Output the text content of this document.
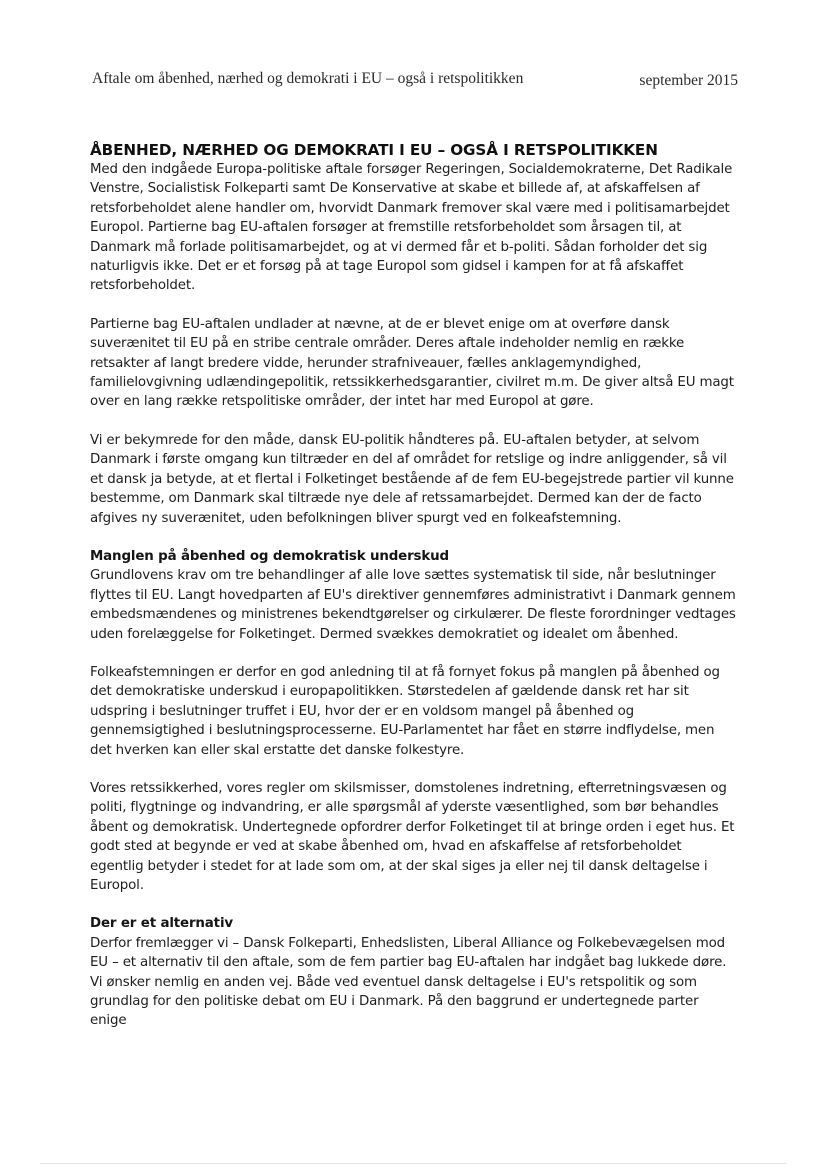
Aftale om åbenhed, nærhed og demokrati i EU – også i retspolitikken	september 2015
ÅBENHED, NÆRHED OG DEMOKRATI I EU – OGSÅ I RETSPOLITIKKEN

Med den indgåede Europa-politiske aftale forsøger Regeringen, Socialdemokraterne, Det Radikale Venstre, Socialistisk Folkeparti samt De Konservative at skabe et billede af, at afskaffelsen af retsforbeholdet alene handler om, hvorvidt Danmark fremover skal være med i politisamarbejdet Europol. Partierne bag EU-aftalen forsøger at fremstille retsforbeholdet som årsagen til, at Danmark må forlade politisamarbejdet, og at vi dermed får et b-politi. Sådan forholder det sig naturligvis ikke. Det er et forsøg på at tage Europol som gidsel i kampen for at få afskaffet retsforbeholdet.

Partierne bag EU-aftalen undlader at nævne, at de er blevet enige om at overføre dansk suverænitet til EU på en stribe centrale områder. Deres aftale indeholder nemlig en række retsakter af langt bredere vidde, herunder strafniveauer, fælles anklagemyndighed, familielovgivning udlændingepolitik, retssikkerhedsgarantier, civilret m.m. De giver altså EU magt over en lang række retspolitiske områder, der intet har med Europol at gøre.

Vi er bekymrede for den måde, dansk EU-politik håndteres på. EU-aftalen betyder, at selvom Danmark i første omgang kun tiltræder en del af området for retslige og indre anliggender, så vil et dansk ja betyde, at et flertal i Folketinget bestående af de fem EU-begejstrede partier vil kunne bestemme, om Danmark skal tiltræde nye dele af retssamarbejdet. Dermed kan der de facto afgives ny suverænitet, uden befolkningen bliver spurgt ved en folkeafstemning.

Manglen på åbenhed og demokratisk underskud

Grundlovens krav om tre behandlinger af alle love sættes systematisk til side, når beslutninger flyttes til EU. Langt hovedparten af EU's direktiver gennemføres administrativt i Danmark gennem embedsmændenes og ministrenes bekendtgørelser og cirkulærer. De fleste forordninger vedtages uden forelæggelse for Folketinget. Dermed svækkes demokratiet og idealet om åbenhed.

Folkeafstemningen er derfor en god anledning til at få fornyet fokus på manglen på åbenhed og det demokratiske underskud i europapolitikken. Størstedelen af gældende dansk ret har sit udspring i beslutninger truffet i EU, hvor der er en voldsom mangel på åbenhed og gennemsigtighed i beslutningsprocesserne. EU-Parlamentet har fået en større indflydelse, men det hverken kan eller skal erstatte det danske folkestyre.

Vores retssikkerhed, vores regler om skilsmisser, domstolenes indretning, efterretningsvæsen og politi, flygtninge og indvandring, er alle spørgsmål af yderste væsentlighed, som bør behandles åbent og demokratisk. Undertegnede opfordrer derfor Folketinget til at bringe orden i eget hus. Et godt sted at begynde er ved at skabe åbenhed om, hvad en afskaffelse af retsforbeholdet egentlig betyder i stedet for at lade som om, at der skal siges ja eller nej til dansk deltagelse i Europol.

Der er et alternativ

Derfor fremlægger vi – Dansk Folkeparti, Enhedslisten, Liberal Alliance og Folkebevægelsen mod EU – et alternativ til den aftale, som de fem partier bag EU-aftalen har indgået bag lukkede døre. Vi ønsker nemlig en anden vej. Både ved eventuel dansk deltagelse i EU's retspolitik og som grundlag for den politiske debat om EU i Danmark. På den baggrund er undertegnede parter enige
